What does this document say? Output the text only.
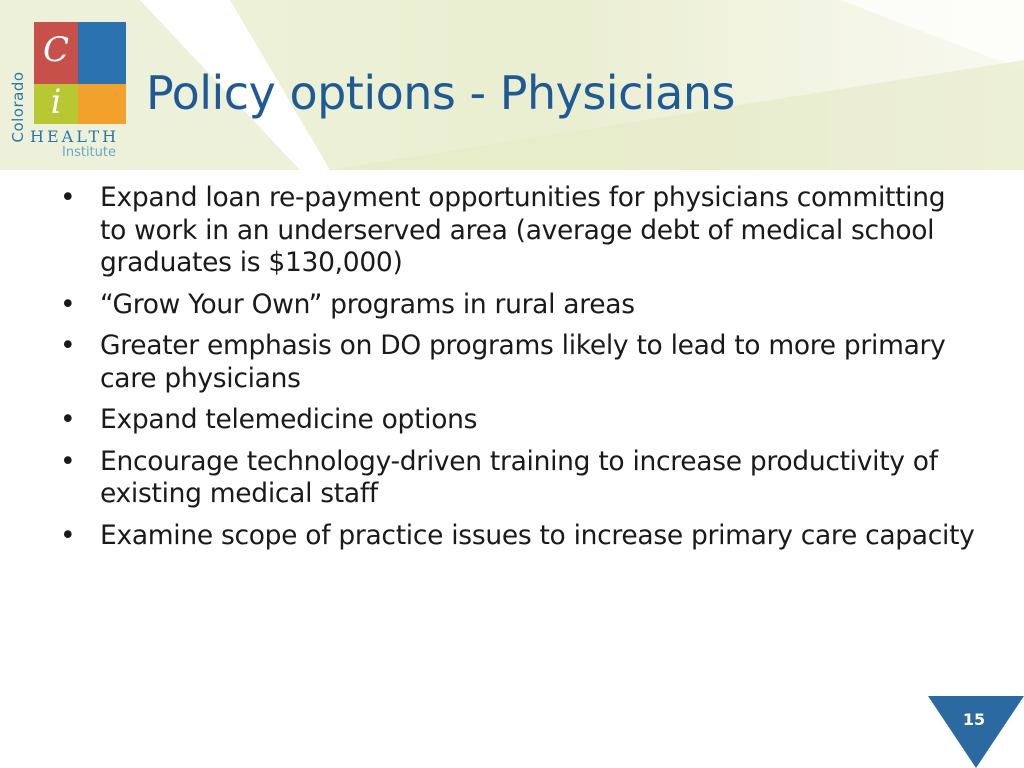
Colorado
C
i
HEALTH
Institute
Policy options - Physicians
• Expand loan re-payment opportunities for physicians committing to work in an underserved area (average debt of medical school graduates is $130,000)
• “Grow Your Own” programs in rural areas
• Greater emphasis on DO programs likely to lead to more primary care physicians
• Expand telemedicine options
• Encourage technology-driven training to increase productivity of existing medical staff
• Examine scope of practice issues to increase primary care capacity
15
